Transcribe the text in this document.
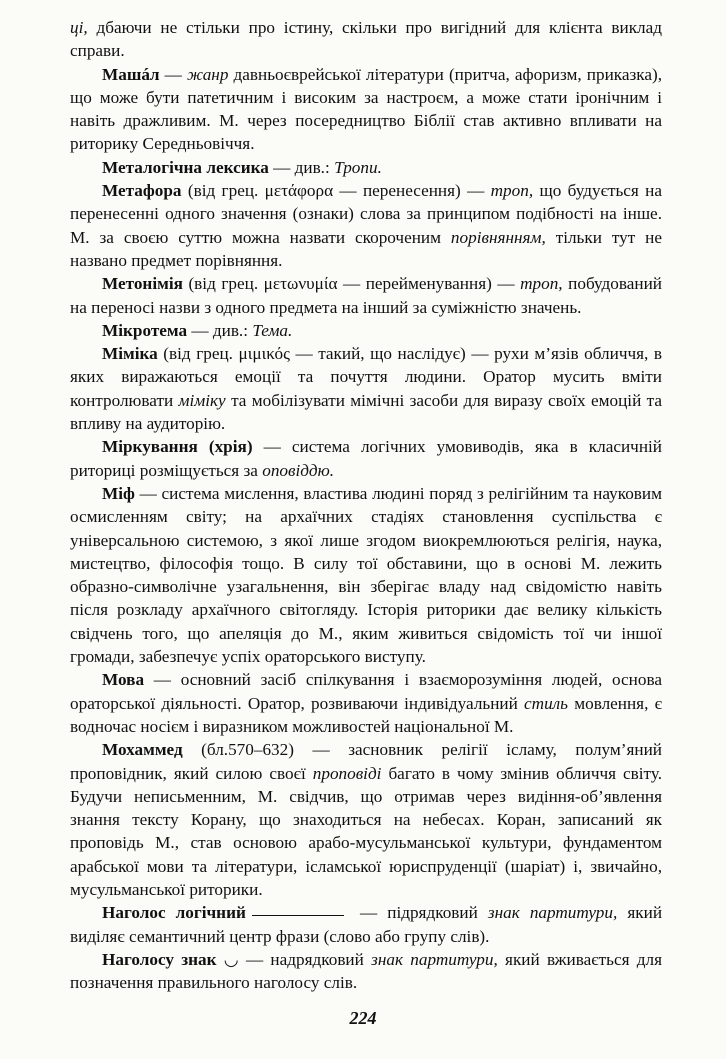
ці, дбаючи не стільки про істину, скільки про вигідний для клієнта виклад справи.

Машáл — жанр давньоєврейської літератури (притча, афоризм, приказка), що може бути патетичним і високим за настроєм, а може стати іронічним і навіть дражливим. М. через посередництво Біблії став активно впливати на риторику Середньовіччя.

Металогічна лексика — див.: Тропи.

Метафора (від грец. μετάφορα — перенесення) — троп, що будується на перенесенні одного значення (ознаки) слова за принципом подібності на інше. М. за своєю суттю можна назвати скороченим порівнянням, тільки тут не названо предмет порівняння.

Метонімія (від грец. μετωνυμία — перейменування) — троп, побудований на переносі назви з одного предмета на інший за суміжністю значень.

Мікротема — див.: Тема.

Міміка (від грец. μιμικός — такий, що наслідує) — рухи м’язів обличчя, в яких виражаються емоції та почуття людини. Оратор мусить вміти контролювати міміку та мобілізувати мімічні засоби для виразу своїх емоцій та впливу на аудиторію.

Міркування (хрія) — система логічних умовиводів, яка в класичній риториці розміщується за оповіддю.

Міф — система мислення, властива людині поряд з релігійним та науковим осмисленням світу; на архаїчних стадіях становлення суспільства є універсальною системою, з якої лише згодом виокремлюються релігія, наука, мистецтво, філософія тощо. В силу тої обставини, що в основі М. лежить образно-символічне узагальнення, він зберігає владу над свідомістю навіть після розкладу архаїчного світогляду. Історія риторики дає велику кількість свідчень того, що апеляція до М., яким живиться свідомість тої чи іншої громади, забезпечує успіх ораторського виступу.

Мова — основний засіб спілкування і взаєморозуміння людей, основа ораторської діяльності. Оратор, розвиваючи індивідуальний стиль мовлення, є водночас носієм і виразником можливостей національної М.

Мохаммед (бл.570–632) — засновник релігії ісламу, полум’яний проповідник, який силою своєї проповіді багато в чому змінив обличчя світу. Будучи неписьменним, М. свідчив, що отримав через видіння-об’явлення знання тексту Корану, що знаходиться на небесах. Коран, записаний як проповідь М., став основою арабо-мусульманської культури, фундаментом арабської мови та літератури, ісламської юриспруденції (шаріат) і, звичайно, мусульманської риторики.

Наголос логічний	— підрядковий знак партитури, який виділяє семантичний центр фрази (слово або групу слів).

Наголосу знак ◡ — надрядковий знак партитури, який вживається для позначення правильного наголосу слів.

224
